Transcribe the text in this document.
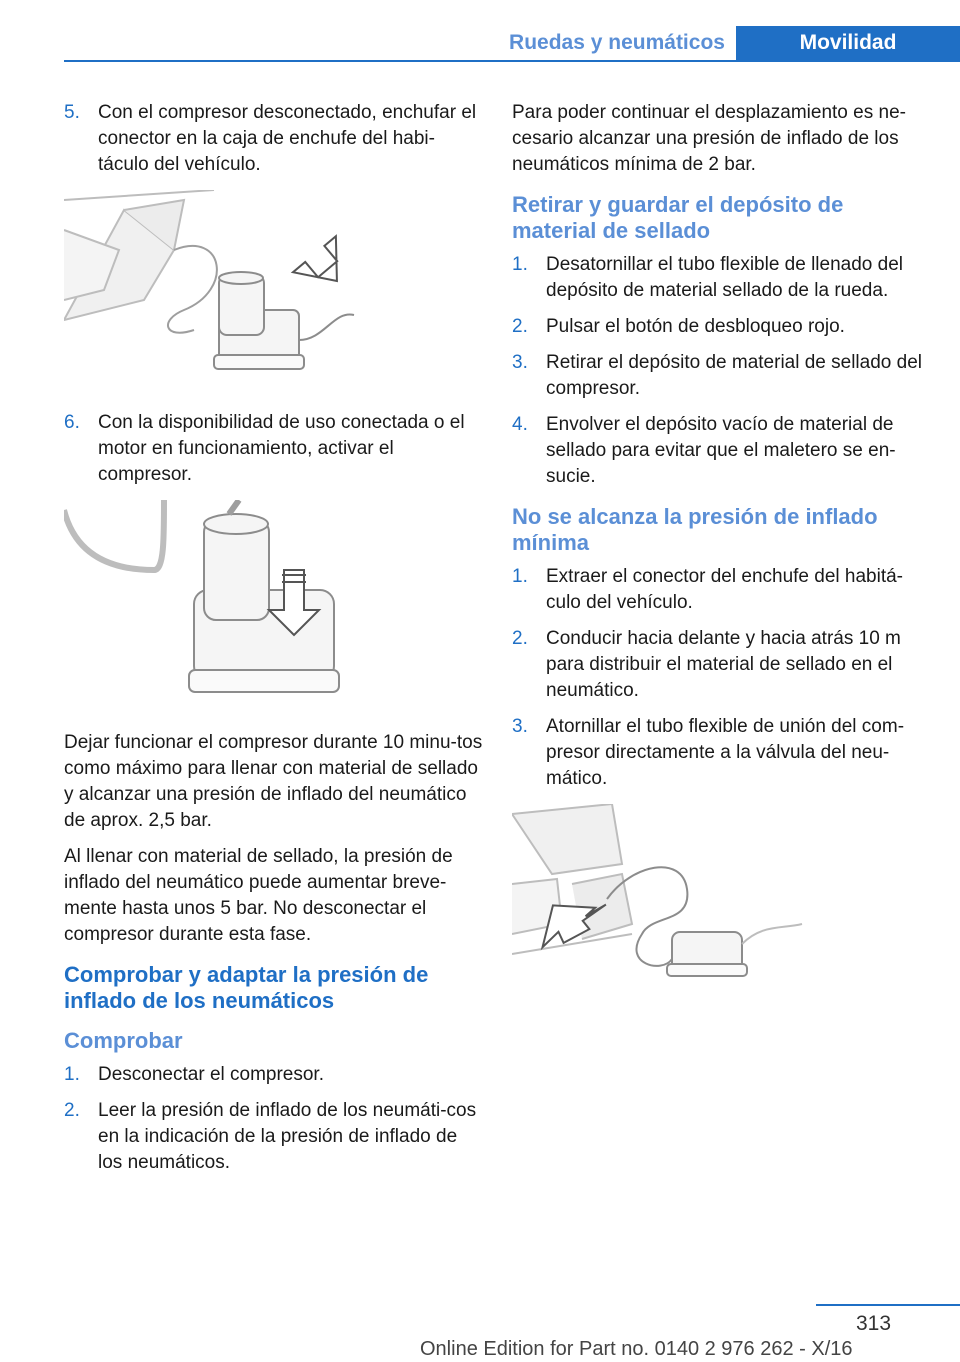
Ruedas y neumáticos	Movilidad
5. Con el compresor desconectado, enchufar el conector en la caja de enchufe del habi‐táculo del vehículo.
6. Con la disponibilidad de uso conectada o el motor en funcionamiento, activar el compresor.

Dejar funcionar el compresor durante 10 minu‐tos como máximo para llenar con material de sellado y alcanzar una presión de inflado del neumático de aprox. 2,5 bar.

Al llenar con material de sellado, la presión de inflado del neumático puede aumentar breve‐mente hasta unos 5 bar. No desconectar el compresor durante esta fase.

Comprobar y adaptar la presión de inflado de los neumáticos
Comprobar
1. Desconectar el compresor.
2. Leer la presión de inflado de los neumáti‐cos en la indicación de la presión de inflado de los neumáticos.

Para poder continuar el desplazamiento es ne‐cesario alcanzar una presión de inflado de los neumáticos mínima de 2 bar.

Retirar y guardar el depósito de material de sellado
1. Desatornillar el tubo flexible de llenado del depósito de material sellado de la rueda.
2. Pulsar el botón de desbloqueo rojo.
3. Retirar el depósito de material de sellado del compresor.
4. Envolver el depósito vacío de material de sellado para evitar que el maletero se en‐sucie.
No se alcanza la presión de inflado mínima
1. Extraer el conector del enchufe del habitá‐culo del vehículo.
2. Conducir hacia delante y hacia atrás 10 m para distribuir el material de sellado en el neumático.
3. Atornillar el tubo flexible de unión del com‐presor directamente a la válvula del neu‐mático.
313
Online Edition for Part no. 0140 2 976 262 - X/16
